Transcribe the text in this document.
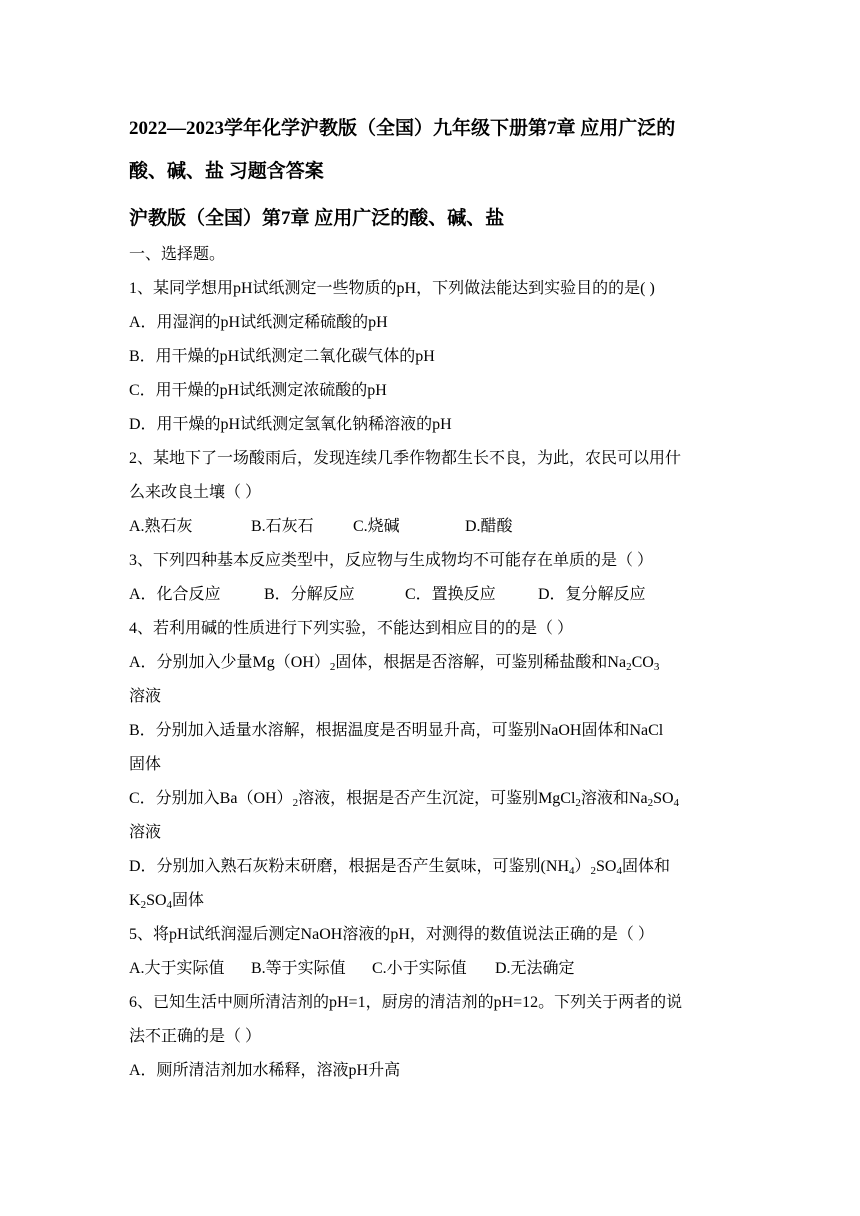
2022—2023学年化学沪教版（全国）九年级下册第7章 应用广泛的
酸、碱、盐 习题含答案
沪教版（全国）第7章 应用广泛的酸、碱、盐
一、选择题。
1、某同学想用pH试纸测定一些物质的pH，下列做法能达到实验目的的是( )
A．用湿润的pH试纸测定稀硫酸的pH
B．用干燥的pH试纸测定二氧化碳气体的pH
C．用干燥的pH试纸测定浓硫酸的pH
D．用干燥的pH试纸测定氢氧化钠稀溶液的pH
2、某地下了一场酸雨后，发现连续几季作物都生长不良，为此，农民可以用什
么来改良土壤（ ）
A.熟石灰	B.石灰石 C.烧碱	D.醋酸
3、下列四种基本反应类型中，反应物与生成物均不可能存在单质的是（ ）
A．化合反应	B．分解反应	C．置换反应	D．复分解反应
4、若利用碱的性质进行下列实验，不能达到相应目的的是（ ）
A．分别加入少量$Mg(OH)_2$固体，根据是否溶解，可鉴别稀盐酸和$Na_2CO_3$
溶液
B．分别加入适量水溶解，根据温度是否明显升高，可鉴别NaOH固体和NaCl
固体
C．分别加入$Ba(OH)_2$溶液，根据是否产生沉淀，可鉴别MgCl$_2$溶液和$Na_2SO_4$
溶液
D．分别加入熟石灰粉末研磨，根据是否产生氨味，可鉴别$(NH_4)_2SO_4$固体和
$K_2SO_4$固体
5、将pH试纸润湿后测定NaOH溶液的pH，对测得的数值说法正确的是（ ）
A.大于实际值 B.等于实际值 C.小于实际值 D.无法确定
6、已知生活中厕所清洁剂的pH=1，厨房的清洁剂的pH=12。下列关于两者的说
法不正确的是（ ）
A．厕所清洁剂加水稀释，溶液pH升高
